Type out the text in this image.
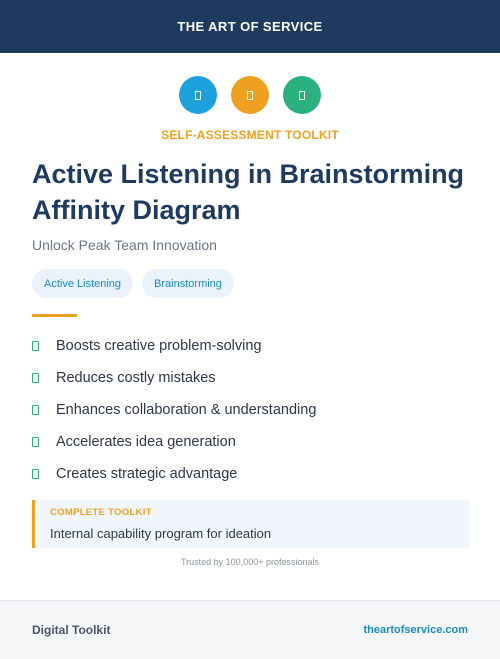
THE ART OF SERVICE
SELF-ASSESSMENT TOOLKIT
Active Listening in Brainstorming Affinity Diagram
Unlock Peak Team Innovation
Active Listening	Brainstorming
Boosts creative problem-solving
Reduces costly mistakes
Enhances collaboration & understanding
Accelerates idea generation
Creates strategic advantage
COMPLETE TOOLKIT
Internal capability program for ideation
Trusted by 100,000+ professionals
Digital Toolkit	theartofservice.com
